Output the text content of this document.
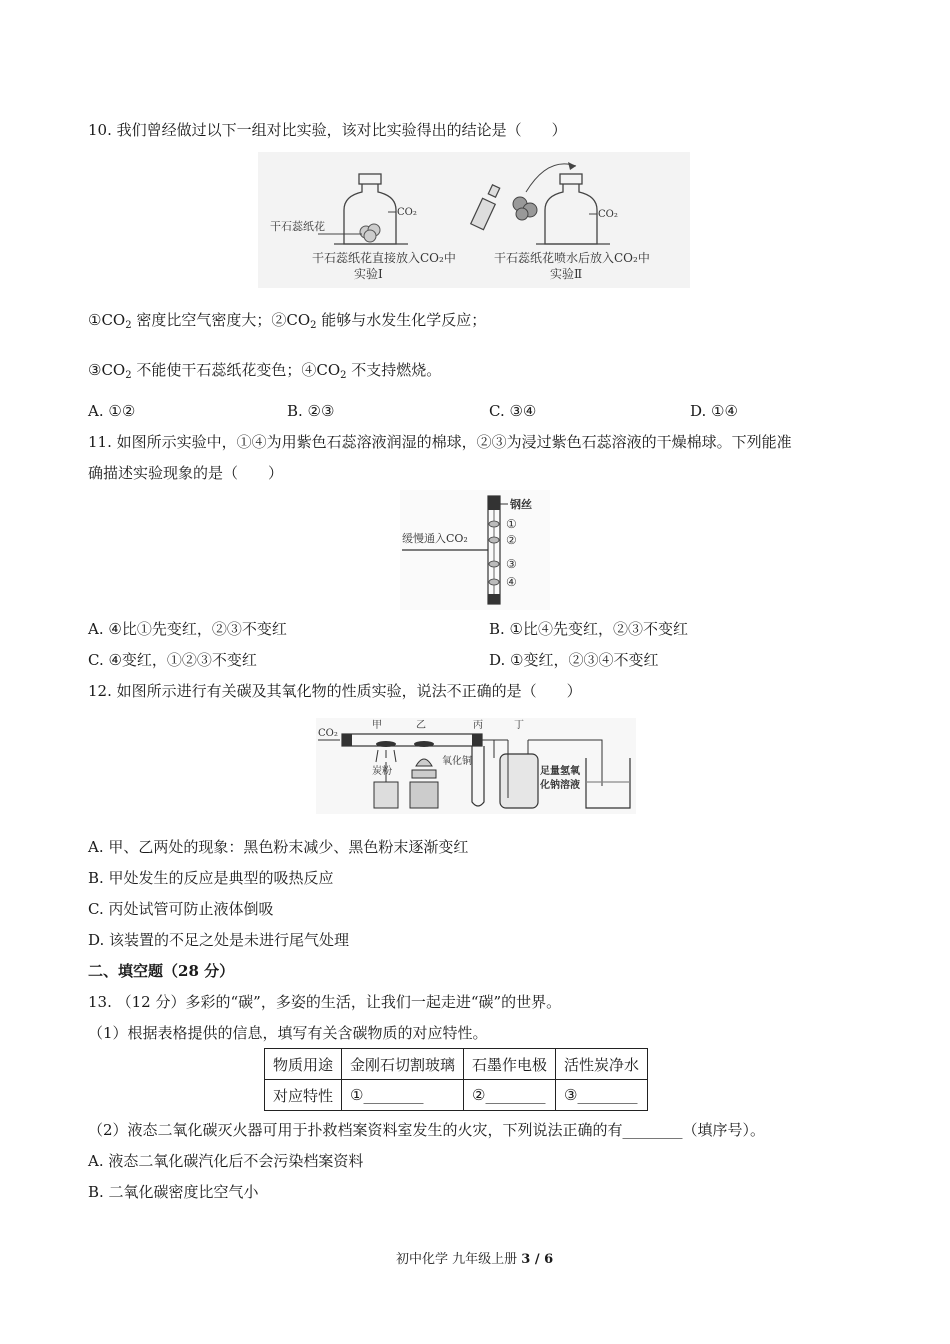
10. 我们曾经做过以下一组对比实验，该对比实验得出的结论是（　　）
干石蕊纸花
CO₂
干石蕊纸花直接放入CO₂中
实验Ⅰ
CO₂
干石蕊纸花喷水后放入CO₂中
实验Ⅱ
$①CO_2$ 密度比空气密度大；$②CO_2$ 能够与水发生化学反应；
$③CO_2$ 不能使干石蕊纸花变色；$④CO_2$ 不支持燃烧。
A. ①②	B. ②③	C. ③④	D. ①④
11. 如图所示实验中，①④为用紫色石蕊溶液润湿的棉球，②③为浸过紫色石蕊溶液的干燥棉球。下列能准
确描述实验现象的是（　　）
钢丝
①
②
③
④
缓慢通入CO₂
A. ④比①先变红，②③不变红	B. ①比④先变红，②③不变红
C. ④变红，①②③不变红	D. ①变红，②③④不变红
12. 如图所示进行有关碳及其氧化物的性质实验，说法不正确的是（　　）
CO₂
甲	乙	丙	丁
炭粉
氧化铜
足量氢氧
化钠溶液
A. 甲、乙两处的现象：黑色粉末减少、黑色粉末逐渐变红
B. 甲处发生的反应是典型的吸热反应
C. 丙处试管可防止液体倒吸
D. 该装置的不足之处是未进行尾气处理
二、填空题（28 分）
13. （12 分）多彩的“碳”，多姿的生活，让我们一起走进“碳”的世界。
（1）根据表格提供的信息，填写有关含碳物质的对应特性。
物质用途	金刚石切割玻璃	石墨作电极	活性炭净水
对应特性	①________	②________	③________
（2）液态二氧化碳灭火器可用于扑救档案资料室发生的火灾，下列说法正确的有________（填序号）。
A. 液态二氧化碳汽化后不会污染档案资料
B. 二氧化碳密度比空气小
初中化学 九年级上册 3 / 6
